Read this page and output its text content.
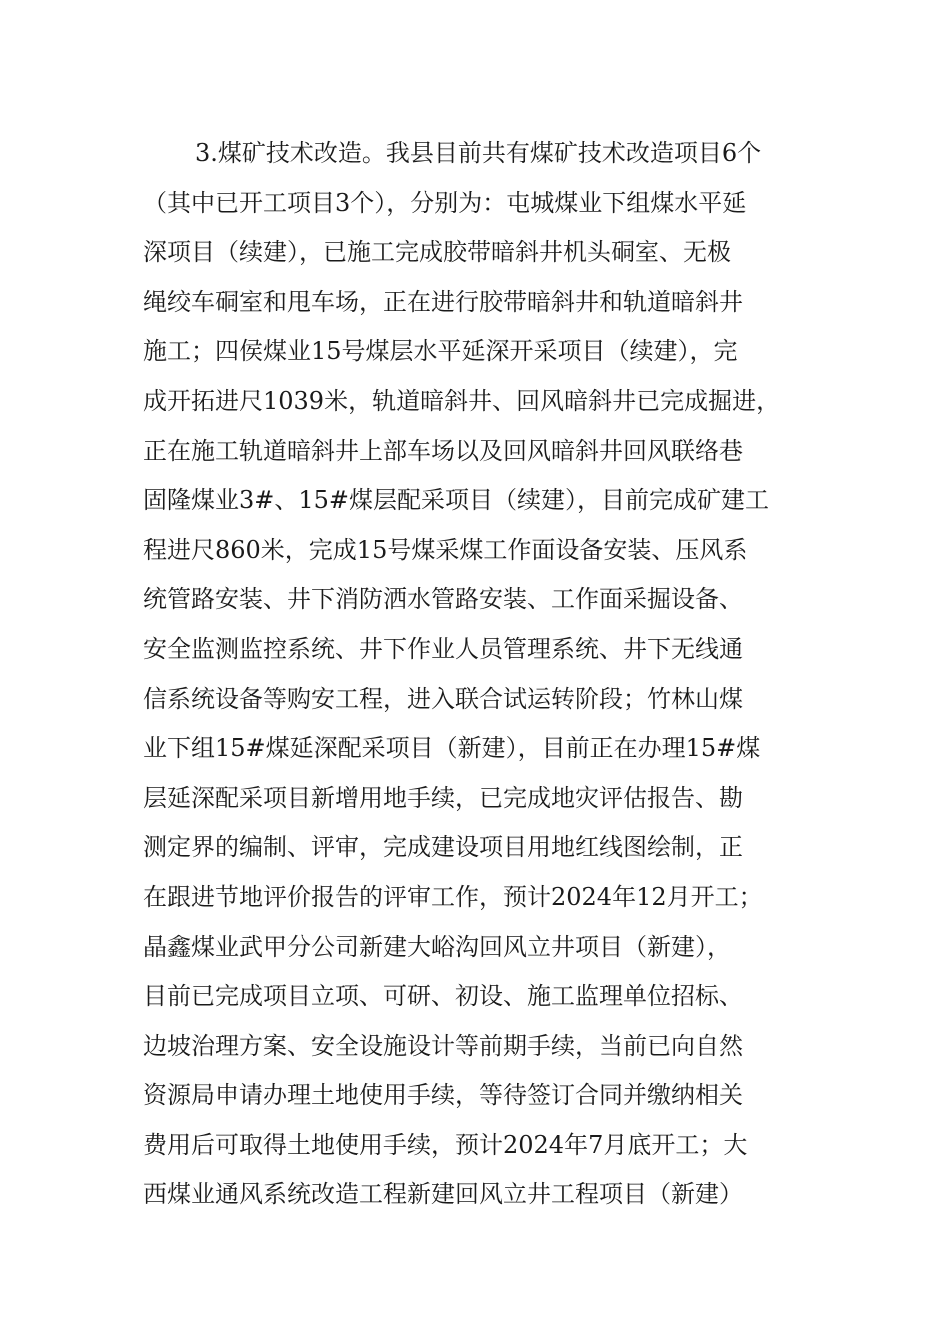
3.煤矿技术改造。我县目前共有煤矿技术改造项目6个
（其中已开工项目3个），分别为：屯城煤业下组煤水平延
深项目（续建），已施工完成胶带暗斜井机头硐室、无极
绳绞车硐室和甩车场，正在进行胶带暗斜井和轨道暗斜井
施工；四侯煤业15号煤层水平延深开采项目（续建），完
成开拓进尺1039米，轨道暗斜井、回风暗斜井已完成掘进，
正在施工轨道暗斜井上部车场以及回风暗斜井回风联络巷
固隆煤业3#、15#煤层配采项目（续建），目前完成矿建工
程进尺860米，完成15号煤采煤工作面设备安装、压风系
统管路安装、井下消防洒水管路安装、工作面采掘设备、
安全监测监控系统、井下作业人员管理系统、井下无线通
信系统设备等购安工程，进入联合试运转阶段；竹林山煤
业下组15#煤延深配采项目（新建），目前正在办理15#煤
层延深配采项目新增用地手续，已完成地灾评估报告、勘
测定界的编制、评审，完成建设项目用地红线图绘制，正
在跟进节地评价报告的评审工作，预计2024年12月开工；
晶鑫煤业武甲分公司新建大峪沟回风立井项目（新建），
目前已完成项目立项、可研、初设、施工监理单位招标、
边坡治理方案、安全设施设计等前期手续，当前已向自然
资源局申请办理土地使用手续，等待签订合同并缴纳相关
费用后可取得土地使用手续，预计2024年7月底开工；大
西煤业通风系统改造工程新建回风立井工程项目（新建）
